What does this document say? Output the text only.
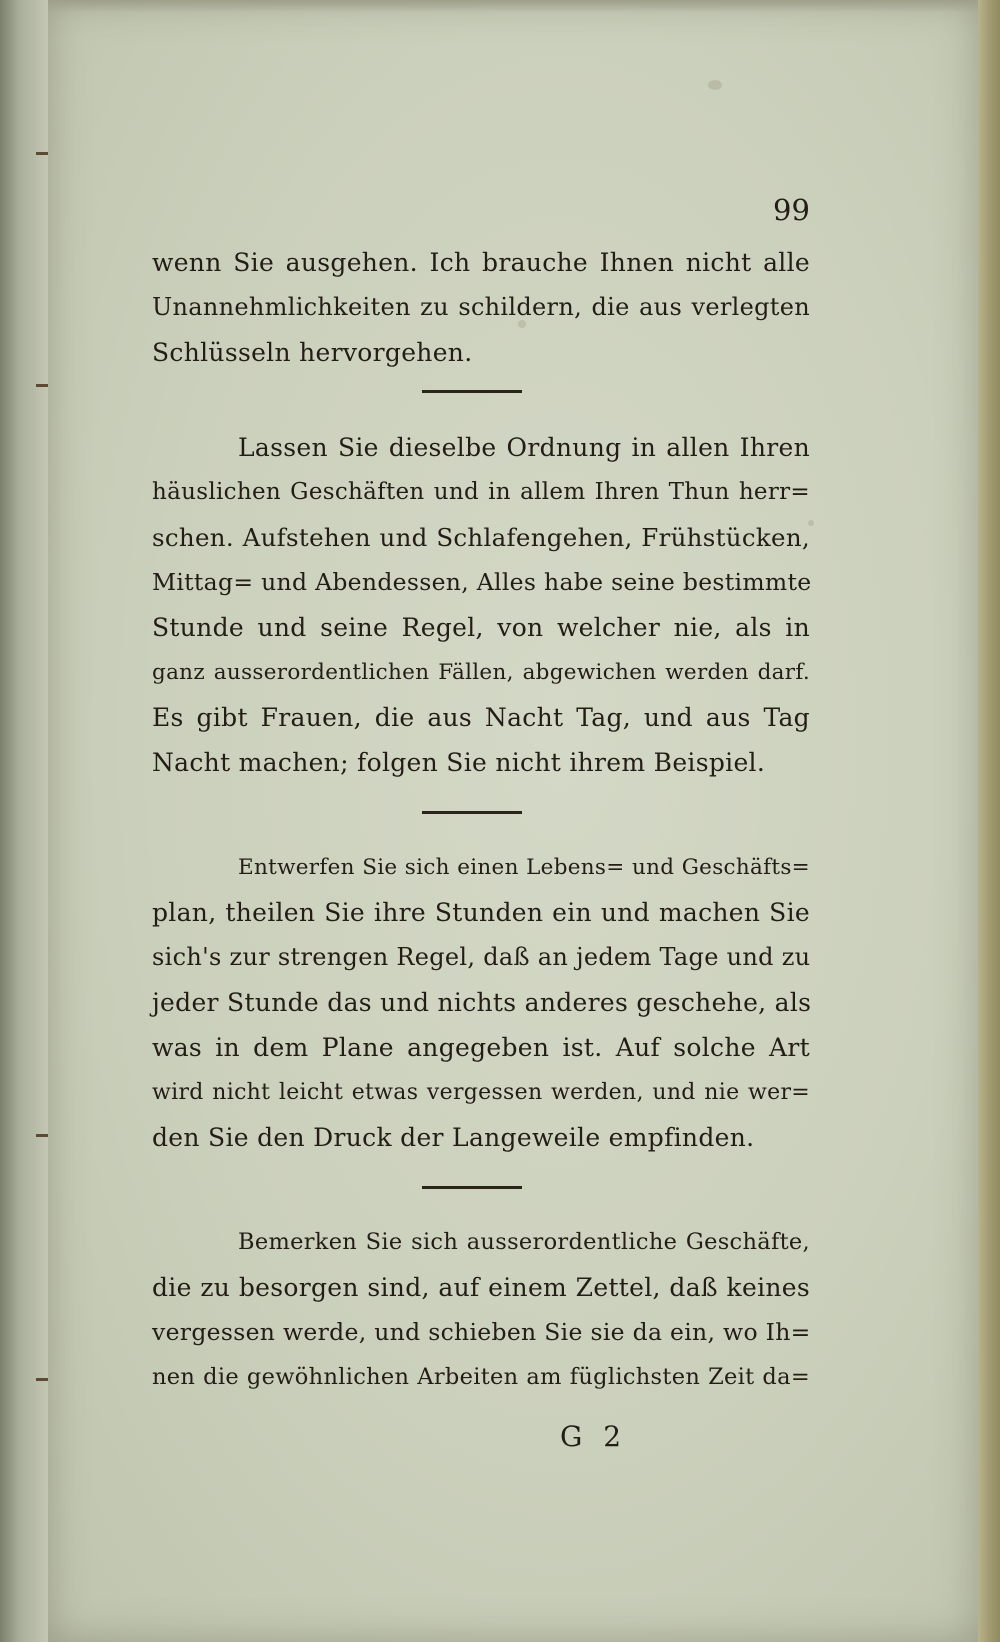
99
wenn Sie ausgehen. Ich brauche Ihnen nicht alle
Unannehmlichkeiten zu schildern, die aus verlegten
Schlüsseln hervorgehen.
Lassen Sie dieselbe Ordnung in allen Ihren
häuslichen Geschäften und in allem Ihren Thun herr=
schen. Aufstehen und Schlafengehen, Frühstücken,
Mittag= und Abendessen, Alles habe seine bestimmte
Stunde und seine Regel, von welcher nie, als in
ganz ausserordentlichen Fällen, abgewichen werden darf.
Es gibt Frauen, die aus Nacht Tag, und aus Tag
Nacht machen; folgen Sie nicht ihrem Beispiel.
Entwerfen Sie sich einen Lebens= und Geschäfts=
plan, theilen Sie ihre Stunden ein und machen Sie
sich's zur strengen Regel, daß an jedem Tage und zu
jeder Stunde das und nichts anderes geschehe, als
was in dem Plane angegeben ist. Auf solche Art
wird nicht leicht etwas vergessen werden, und nie wer=
den Sie den Druck der Langeweile empfinden.
Bemerken Sie sich ausserordentliche Geschäfte,
die zu besorgen sind, auf einem Zettel, daß keines
vergessen werde, und schieben Sie sie da ein, wo Ih=
nen die gewöhnlichen Arbeiten am füglichsten Zeit da=
G 2
